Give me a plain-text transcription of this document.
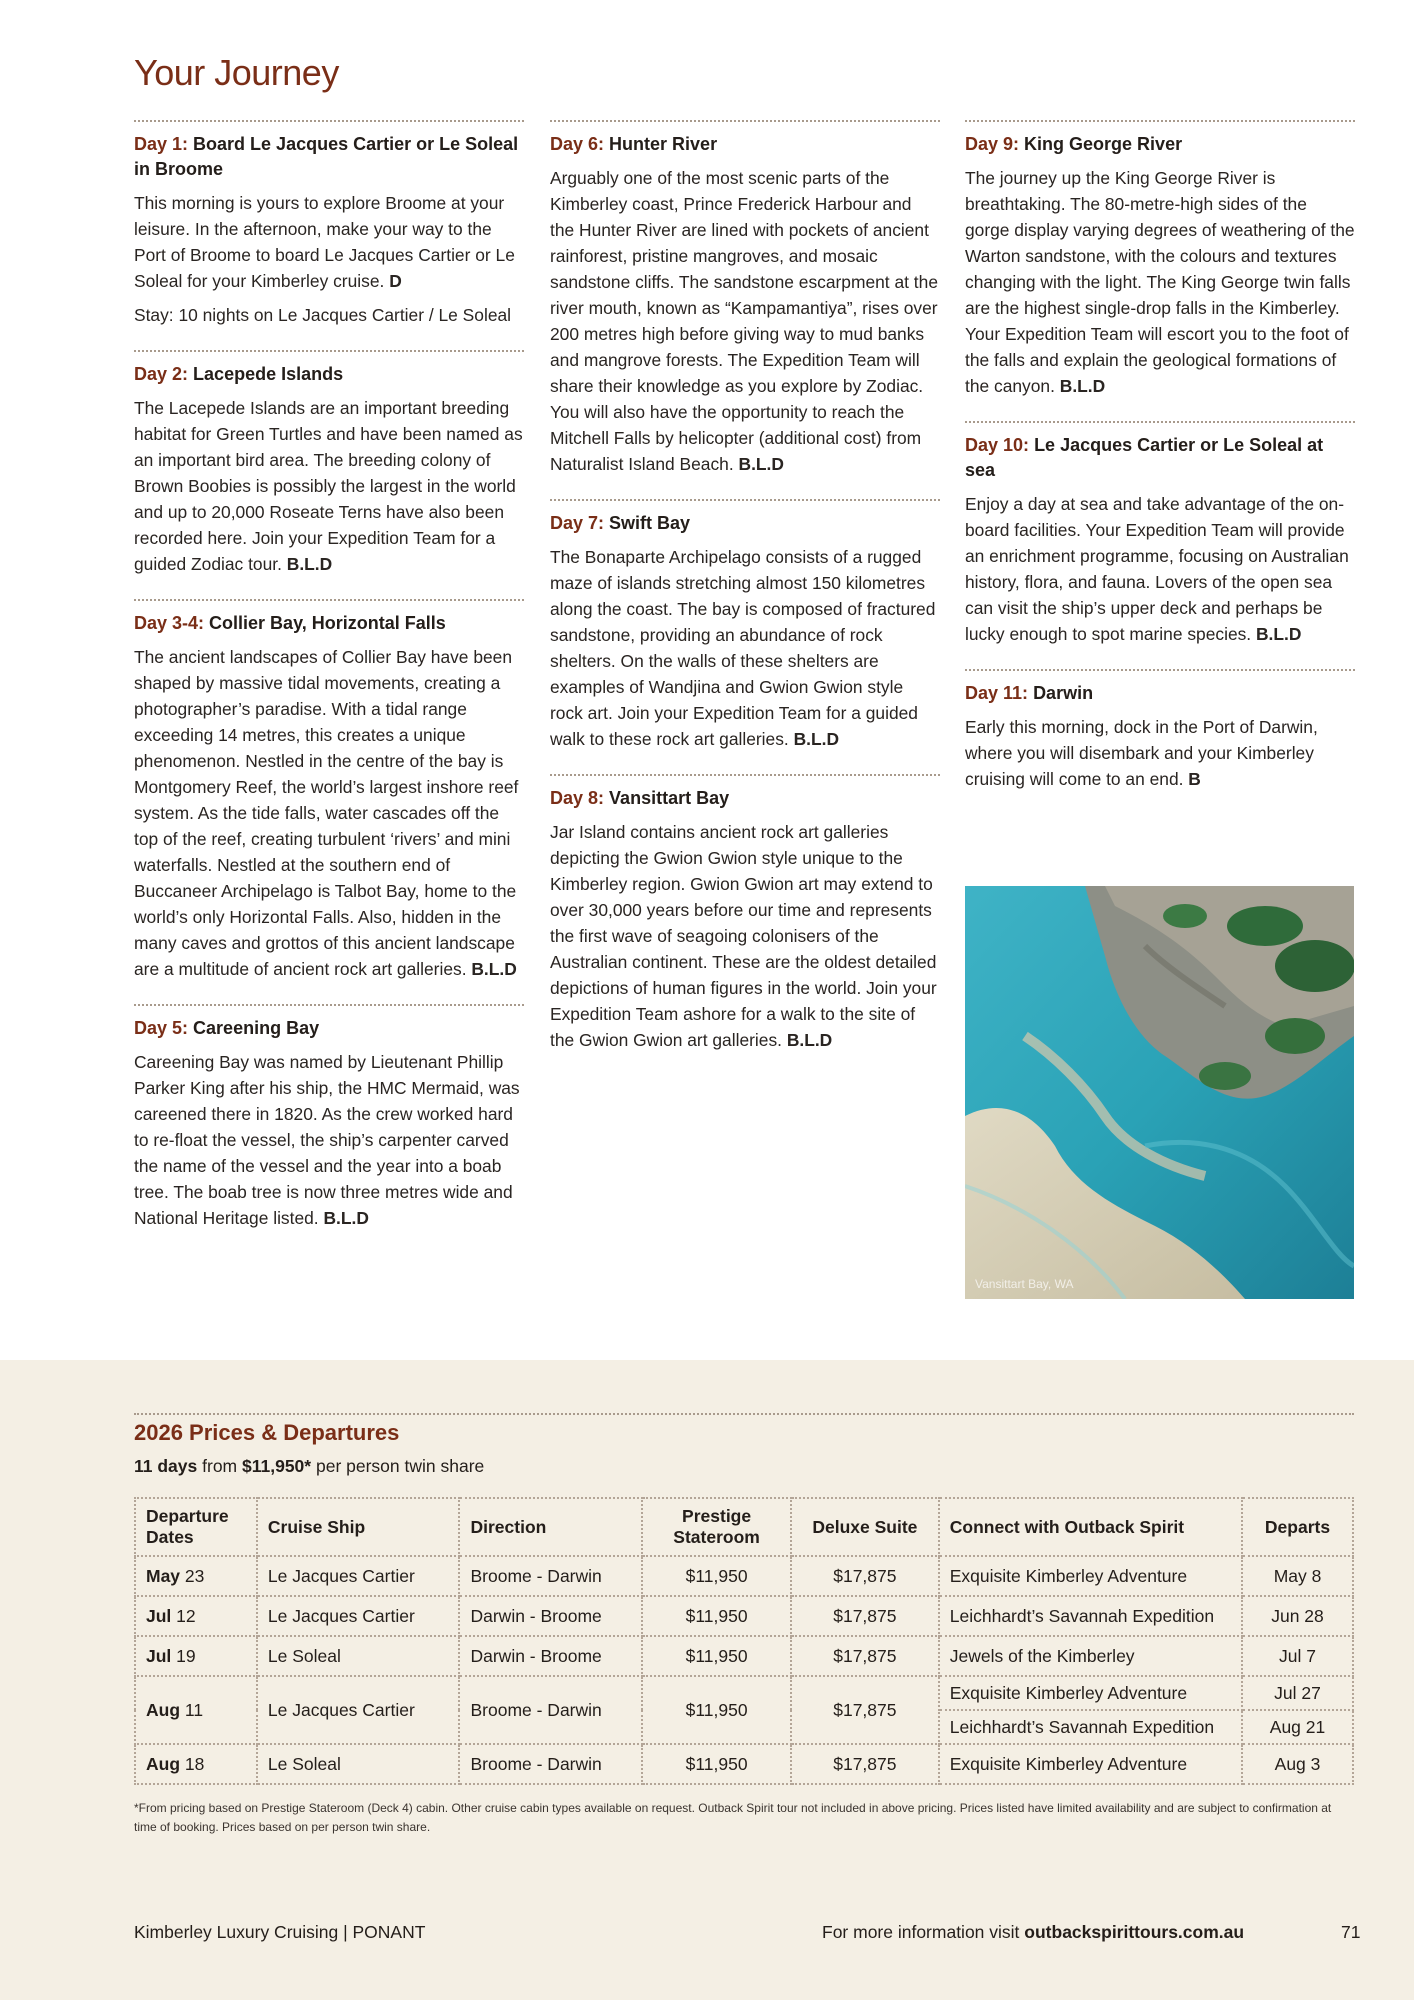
Your Journey
Day 1: Board Le Jacques Cartier or Le Soleal in Broome
This morning is yours to explore Broome at your leisure. In the afternoon, make your way to the Port of Broome to board Le Jacques Cartier or Le Soleal for your Kimberley cruise. D
Stay: 10 nights on Le Jacques Cartier / Le Soleal
Day 2: Lacepede Islands
The Lacepede Islands are an important breeding habitat for Green Turtles and have been named as an important bird area. The breeding colony of Brown Boobies is possibly the largest in the world and up to 20,000 Roseate Terns have also been recorded here. Join your Expedition Team for a guided Zodiac tour. B.L.D
Day 3-4: Collier Bay, Horizontal Falls
The ancient landscapes of Collier Bay have been shaped by massive tidal movements, creating a photographer’s paradise. With a tidal range exceeding 14 metres, this creates a unique phenomenon. Nestled in the centre of the bay is Montgomery Reef, the world’s largest inshore reef system. As the tide falls, water cascades off the top of the reef, creating turbulent ‘rivers’ and mini waterfalls. Nestled at the southern end of Buccaneer Archipelago is Talbot Bay, home to the world’s only Horizontal Falls. Also, hidden in the many caves and grottos of this ancient landscape are a multitude of ancient rock art galleries. B.L.D
Day 5: Careening Bay
Careening Bay was named by Lieutenant Phillip Parker King after his ship, the HMC Mermaid, was careened there in 1820. As the crew worked hard to re-float the vessel, the ship’s carpenter carved the name of the vessel and the year into a boab tree. The boab tree is now three metres wide and National Heritage listed. B.L.D
Day 6: Hunter River
Arguably one of the most scenic parts of the Kimberley coast, Prince Frederick Harbour and the Hunter River are lined with pockets of ancient rainforest, pristine mangroves, and mosaic sandstone cliffs. The sandstone escarpment at the river mouth, known as “Kampamantiya”, rises over 200 metres high before giving way to mud banks and mangrove forests. The Expedition Team will share their knowledge as you explore by Zodiac. You will also have the opportunity to reach the Mitchell Falls by helicopter (additional cost) from Naturalist Island Beach. B.L.D
Day 7: Swift Bay
The Bonaparte Archipelago consists of a rugged maze of islands stretching almost 150 kilometres along the coast. The bay is composed of fractured sandstone, providing an abundance of rock shelters. On the walls of these shelters are examples of Wandjina and Gwion Gwion style rock art. Join your Expedition Team for a guided walk to these rock art galleries. B.L.D
Day 8: Vansittart Bay
Jar Island contains ancient rock art galleries depicting the Gwion Gwion style unique to the Kimberley region. Gwion Gwion art may extend to over 30,000 years before our time and represents the first wave of seagoing colonisers of the Australian continent. These are the oldest detailed depictions of human figures in the world. Join your Expedition Team ashore for a walk to the site of the Gwion Gwion art galleries. B.L.D
Day 9: King George River
The journey up the King George River is breathtaking. The 80-metre-high sides of the gorge display varying degrees of weathering of the Warton sandstone, with the colours and textures changing with the light. The King George twin falls are the highest single-drop falls in the Kimberley. Your Expedition Team will escort you to the foot of the falls and explain the geological formations of the canyon. B.L.D
Day 10: Le Jacques Cartier or Le Soleal at sea
Enjoy a day at sea and take advantage of the on-board facilities. Your Expedition Team will provide an enrichment programme, focusing on Australian history, flora, and fauna. Lovers of the open sea can visit the ship’s upper deck and perhaps be lucky enough to spot marine species. B.L.D
Day 11: Darwin
Early this morning, dock in the Port of Darwin, where you will disembark and your Kimberley cruising will come to an end. B
Vansittart Bay, WA
2026 Prices & Departures
11 days from $11,950* per person twin share
Departure Dates	Cruise Ship	Direction	Prestige Stateroom	Deluxe Suite	Connect with Outback Spirit	Departs
May 23	Le Jacques Cartier	Broome - Darwin	$11,950	$17,875	Exquisite Kimberley Adventure	May 8
Jul 12	Le Jacques Cartier	Darwin - Broome	$11,950	$17,875	Leichhardt’s Savannah Expedition	Jun 28
Jul 19	Le Soleal	Darwin - Broome	$11,950	$17,875	Jewels of the Kimberley	Jul 7
Aug 11	Le Jacques Cartier	Broome - Darwin	$11,950	$17,875	Exquisite Kimberley Adventure	Jul 27
					Leichhardt’s Savannah Expedition	Aug 21
Aug 18	Le Soleal	Broome - Darwin	$11,950	$17,875	Exquisite Kimberley Adventure	Aug 3
*From pricing based on Prestige Stateroom (Deck 4) cabin. Other cruise cabin types available on request. Outback Spirit tour not included in above pricing. Prices listed have limited availability and are subject to confirmation at time of booking. Prices based on per person twin share.
Kimberley Luxury Cruising | PONANT	For more information visit outbackspirittours.com.au	71
